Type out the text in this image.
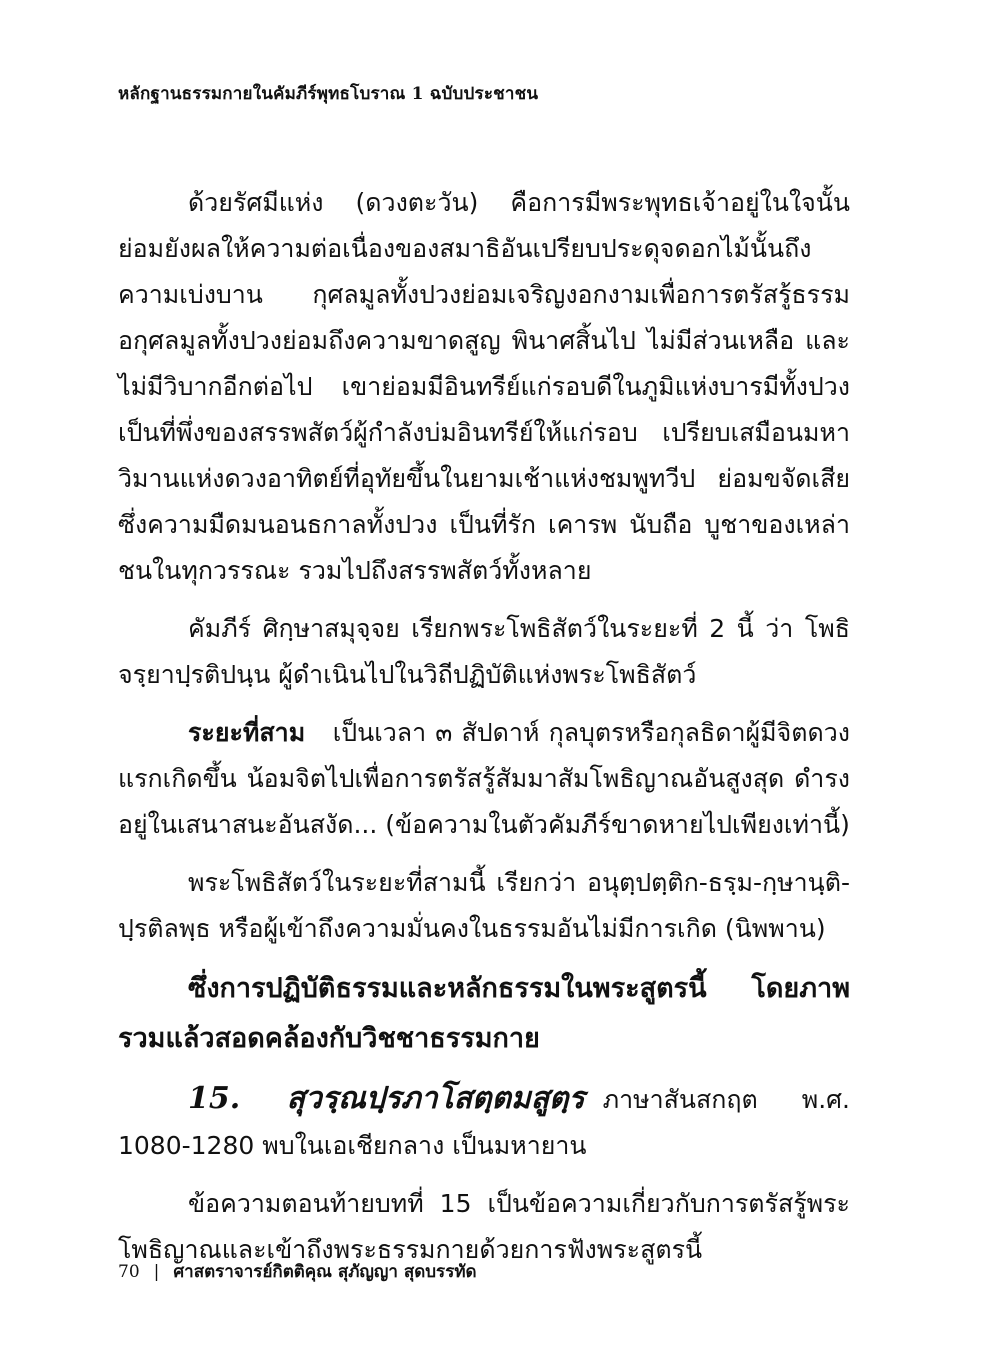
หลักฐานธรรมกายในคัมภีร์พุทธโบราณ 1 ฉบับประชาชน

ด้วยรัศมีแห่ง (ดวงตะวัน) คือการมีพระพุทธเจ้าอยู่ในใจนั้น ย่อมยังผลให้ความต่อเนื่องของสมาธิอันเปรียบประดุจดอกไม้นั้นถึงความเบ่งบาน กุศลมูลทั้งปวงย่อมเจริญงอกงามเพื่อการตรัสรู้ธรรม อกุศลมูลทั้งปวงย่อมถึงความขาดสูญ พินาศสิ้นไป ไม่มีส่วนเหลือ และไม่มีวิบากอีกต่อไป เขาย่อมมีอินทรีย์แก่รอบดีในภูมิแห่งบารมีทั้งปวง เป็นที่พึ่งของสรรพสัตว์ผู้กำลังบ่มอินทรีย์ให้แก่รอบ เปรียบเสมือนมหาวิมานแห่งดวงอาทิตย์ที่อุทัยขึ้นในยามเช้าแห่งชมพูทวีป ย่อมขจัดเสียซึ่งความมืดมนอนธกาลทั้งปวง เป็นที่รัก เคารพ นับถือ บูชาของเหล่าชนในทุกวรรณะ รวมไปถึงสรรพสัตว์ทั้งหลาย

คัมภีร์ ศิกฺษาสมุจฺจย เรียกพระโพธิสัตว์ในระยะที่ 2 นี้ ว่า โพธิจรฺยาปฺรติปนฺน ผู้ดำเนินไปในวิถีปฏิบัติแห่งพระโพธิสัตว์

ระยะที่สาม เป็นเวลา ๓ สัปดาห์ กุลบุตรหรือกุลธิดาผู้มีจิตดวงแรกเกิดขึ้น น้อมจิตไปเพื่อการตรัสรู้สัมมาสัมโพธิญาณอันสูงสุด ดำรงอยู่ในเสนาสนะอันสงัด... (ข้อความในตัวคัมภีร์ขาดหายไปเพียงเท่านี้)

พระโพธิสัตว์ในระยะที่สามนี้ เรียกว่า อนุตฺปตฺติก-ธรฺม-กฺษานฺติ-ปฺรติลพฺธ หรือผู้เข้าถึงความมั่นคงในธรรมอันไม่มีการเกิด (นิพพาน)

ซึ่งการปฏิบัติธรรมและหลักธรรมในพระสูตรนี้ โดยภาพรวมแล้วสอดคล้องกับวิชชาธรรมกาย

15. สุวรฺณปฺรภาโสตฺตมสูตฺร ภาษาสันสกฤต พ.ศ. 1080-1280 พบในเอเชียกลาง เป็นมหายาน

ข้อความตอนท้ายบทที่ 15 เป็นข้อความเกี่ยวกับการตรัสรู้พระโพธิญาณและเข้าถึงพระธรรมกายด้วยการฟังพระสูตรนี้

70 | ศาสตราจารย์กิตติคุณ สุภัญญา สุดบรรทัด
